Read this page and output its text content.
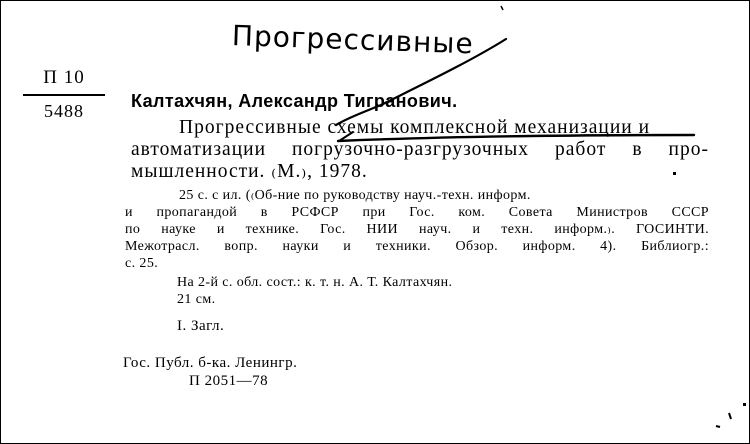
Прогрессивные
П 10
5488	Калтахчян, Александр Тигранович.
Прогрессивные схемы комплексной механизации и
автоматизации погрузочно-разгрузочных работ в про-
мышленности. ₍М.₎, 1978.
25 с. с ил. (₍Об-ние по руководству науч.-техн. информ.
и пропагандой в РСФСР при Гос. ком. Совета Министров СССР
по науке и технике. Гос. НИИ науч. и техн. информ.₎. ГОСИНТИ.
Межотрасл. вопр. науки и техники. Обзор. информ. 4). Библиогр.:
с. 25.
На 2-й с. обл. сост.: к. т. н. А. Т. Калтахчян.
21 см.
I. Загл.
Гос. Публ. б-ка. Ленингр.
П 2051—78
